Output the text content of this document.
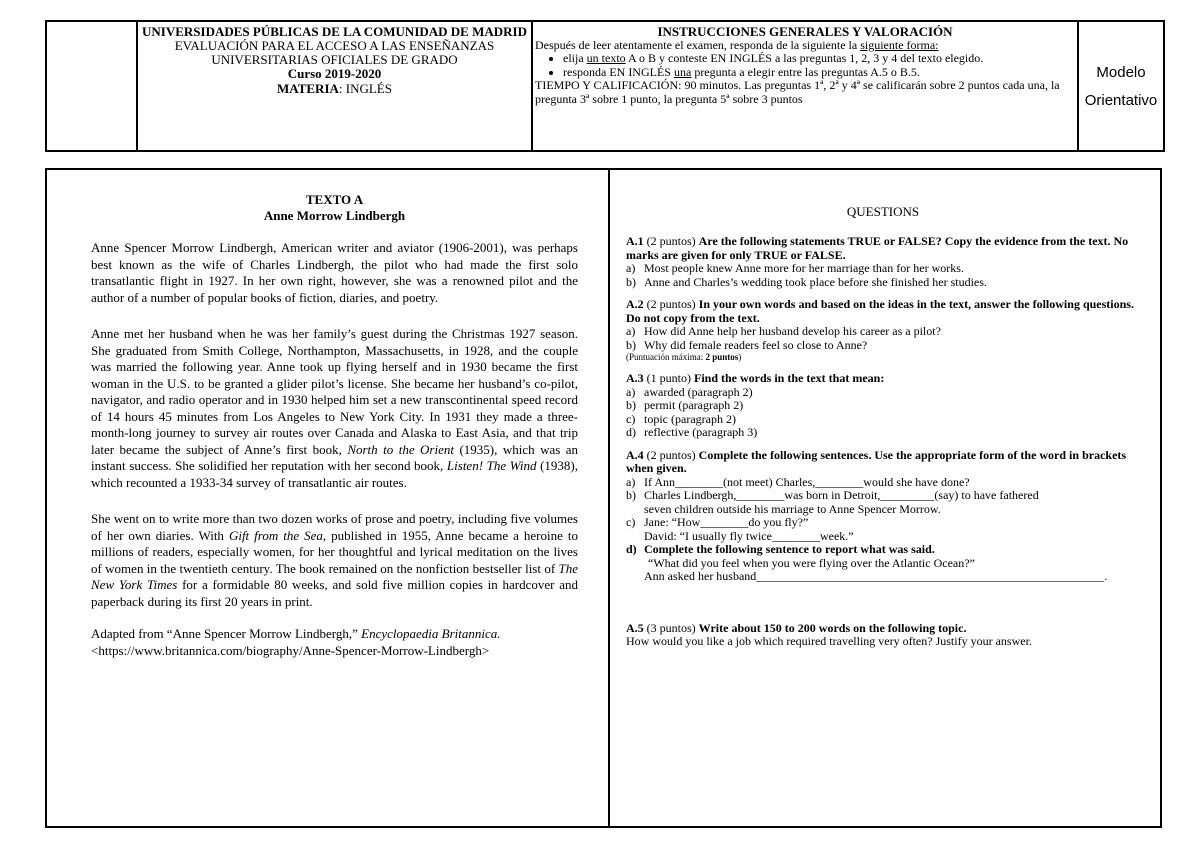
UNIVERSIDADES PÚBLICAS DE LA COMUNIDAD DE MADRID
EVALUACIÓN PARA EL ACCESO A LAS ENSEÑANZAS UNIVERSITARIAS OFICIALES DE GRADO
Curso 2019-2020
MATERIA: INGLÉS
INSTRUCCIONES GENERALES Y VALORACIÓN
Después de leer atentamente el examen, responda de la siguiente la siguiente forma:
• elija un texto A o B y conteste EN INGLÉS a las preguntas 1, 2, 3 y 4 del texto elegido.
• responda EN INGLÉS una pregunta a elegir entre las preguntas A.5 o B.5.
TIEMPO Y CALIFICACIÓN: 90 minutos. Las preguntas 1ª, 2ª y 4ª se calificarán sobre 2 puntos cada una, la pregunta 3ª sobre 1 punto, la pregunta 5ª sobre 3 puntos
Modelo
Orientativo
TEXTO A
Anne Morrow Lindbergh

Anne Spencer Morrow Lindbergh, American writer and aviator (1906-2001), was perhaps best known as the wife of Charles Lindbergh, the pilot who had made the first solo transatlantic flight in 1927. In her own right, however, she was a renowned pilot and the author of a number of popular books of fiction, diaries, and poetry.

Anne met her husband when he was her family’s guest during the Christmas 1927 season. She graduated from Smith College, Northampton, Massachusetts, in 1928, and the couple was married the following year. Anne took up flying herself and in 1930 became the first woman in the U.S. to be granted a glider pilot’s license. She became her husband’s co-pilot, navigator, and radio operator and in 1930 helped him set a new transcontinental speed record of 14 hours 45 minutes from Los Angeles to New York City. In 1931 they made a three-month-long journey to survey air routes over Canada and Alaska to East Asia, and that trip later became the subject of Anne’s first book, North to the Orient (1935), which was an instant success. She solidified her reputation with her second book, Listen! The Wind (1938), which recounted a 1933-34 survey of transatlantic air routes.

She went on to write more than two dozen works of prose and poetry, including five volumes of her own diaries. With Gift from the Sea, published in 1955, Anne became a heroine to millions of readers, especially women, for her thoughtful and lyrical meditation on the lives of women in the twentieth century. The book remained on the nonfiction bestseller list of The New York Times for a formidable 80 weeks, and sold five million copies in hardcover and paperback during its first 20 years in print.

Adapted from “Anne Spencer Morrow Lindbergh,” Encyclopaedia Britannica.
<https://www.britannica.com/biography/Anne-Spencer-Morrow-Lindbergh>
QUESTIONS
A.1 (2 puntos) Are the following statements TRUE or FALSE? Copy the evidence from the text. No marks are given for only TRUE or FALSE.
a) Most people knew Anne more for her marriage than for her works.
b) Anne and Charles’s wedding took place before she finished her studies.
A.2 (2 puntos) In your own words and based on the ideas in the text, answer the following questions. Do not copy from the text.
a) How did Anne help her husband develop his career as a pilot?
b) Why did female readers feel so close to Anne?
(Puntuación máxima: 2 puntos)
A.3 (1 punto) Find the words in the text that mean:
a) awarded (paragraph 2)
b) permit (paragraph 2)
c) topic (paragraph 2)
d) reflective (paragraph 3)
A.4 (2 puntos) Complete the following sentences. Use the appropriate form of the word in brackets when given.
a) If Ann________(not meet) Charles,________would she have done?
b) Charles Lindbergh,________was born in Detroit,_________(say) to have fathered
seven children outside his marriage to Anne Spencer Morrow.
c) Jane: “How________do you fly?”
David: “I usually fly twice________week.”
d) Complete the following sentence to report what was said.
“What did you feel when you were flying over the Atlantic Ocean?”
Ann asked her husband__________________________________________________________.
A.5 (3 puntos) Write about 150 to 200 words on the following topic.
How would you like a job which required travelling very often? Justify your answer.
